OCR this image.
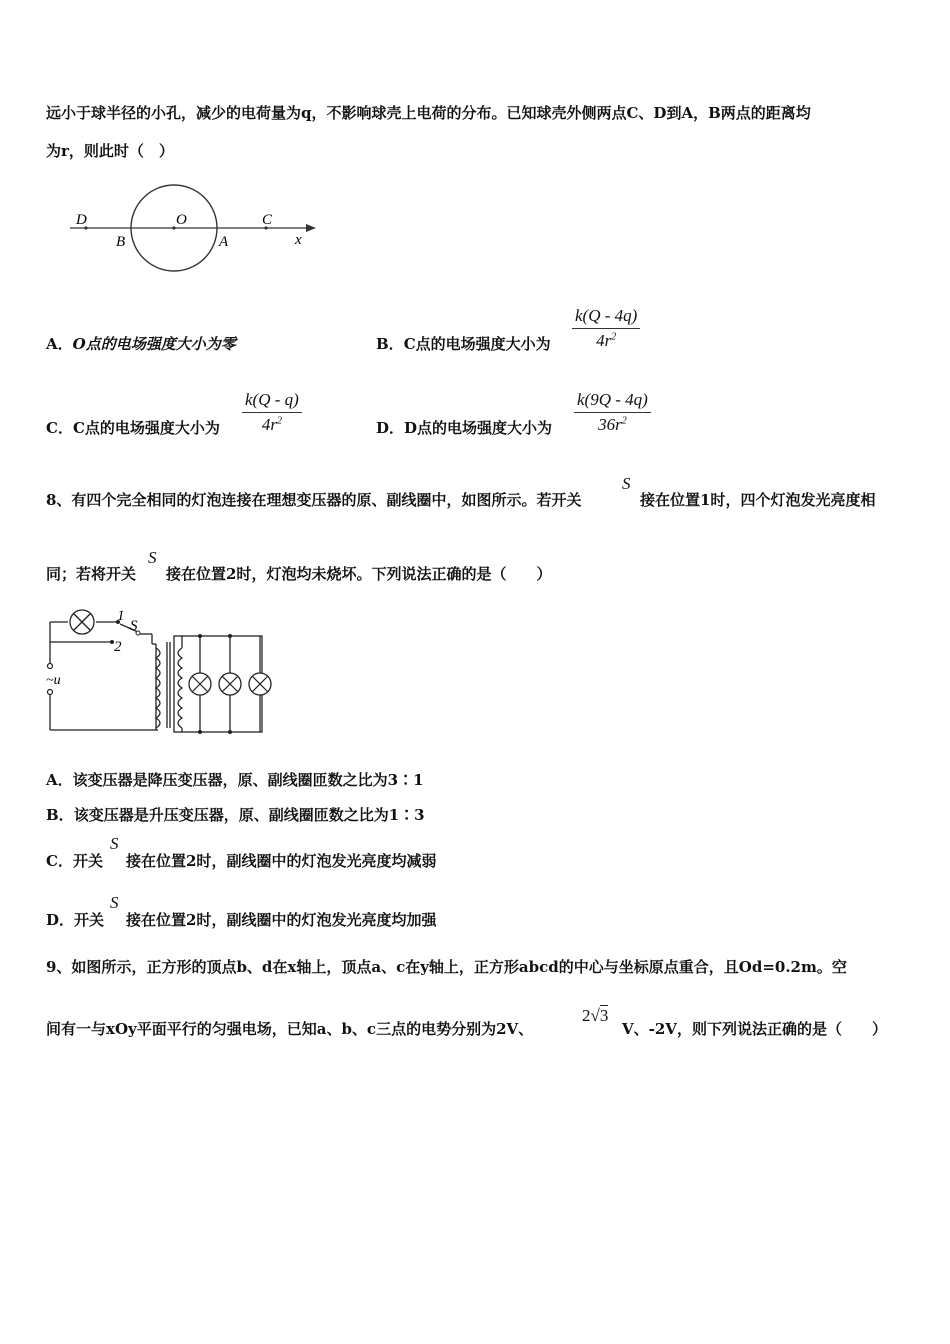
远小于球半径的小孔，减少的电荷量为q，不影响球壳上电荷的分布。已知球壳外侧两点C、D到A，B两点的距离均
为r，则此时（　）
D	O	C
B	A	x
A．O点的电场强度大小为零	B．C点的电场强度大小为 $\frac{k(Q - 4q)}{4r^2}$
C．C点的电场强度大小为 $\frac{k(Q - q)}{4r^2}$	D．D点的电场强度大小为 $\frac{k(9Q - 4q)}{36r^2}$
8、有四个完全相同的灯泡连接在理想变压器的原、副线圈中，如图所示。若开关
S
接在位置1时，四个灯泡发光亮度相
同；若将开关
S
接在位置2时，灯泡均未烧坏。下列说法正确的是（　　）
1
2
S
~u
A．该变压器是降压变压器，原、副线圈匝数之比为3∶1
B．该变压器是升压变压器，原、副线圈匝数之比为1∶3
C．开关
S
接在位置2时，副线圈中的灯泡发光亮度均减弱
D．开关
S
接在位置2时，副线圈中的灯泡发光亮度均加强
9、如图所示，正方形的顶点b、d在x轴上，顶点a、c在y轴上，正方形abcd的中心与坐标原点重合，且Od=0.2m。空
间有一与xOy平面平行的匀强电场，已知a、b、c三点的电势分别为2V、
2√3
V、-2V，则下列说法正确的是（　　）
